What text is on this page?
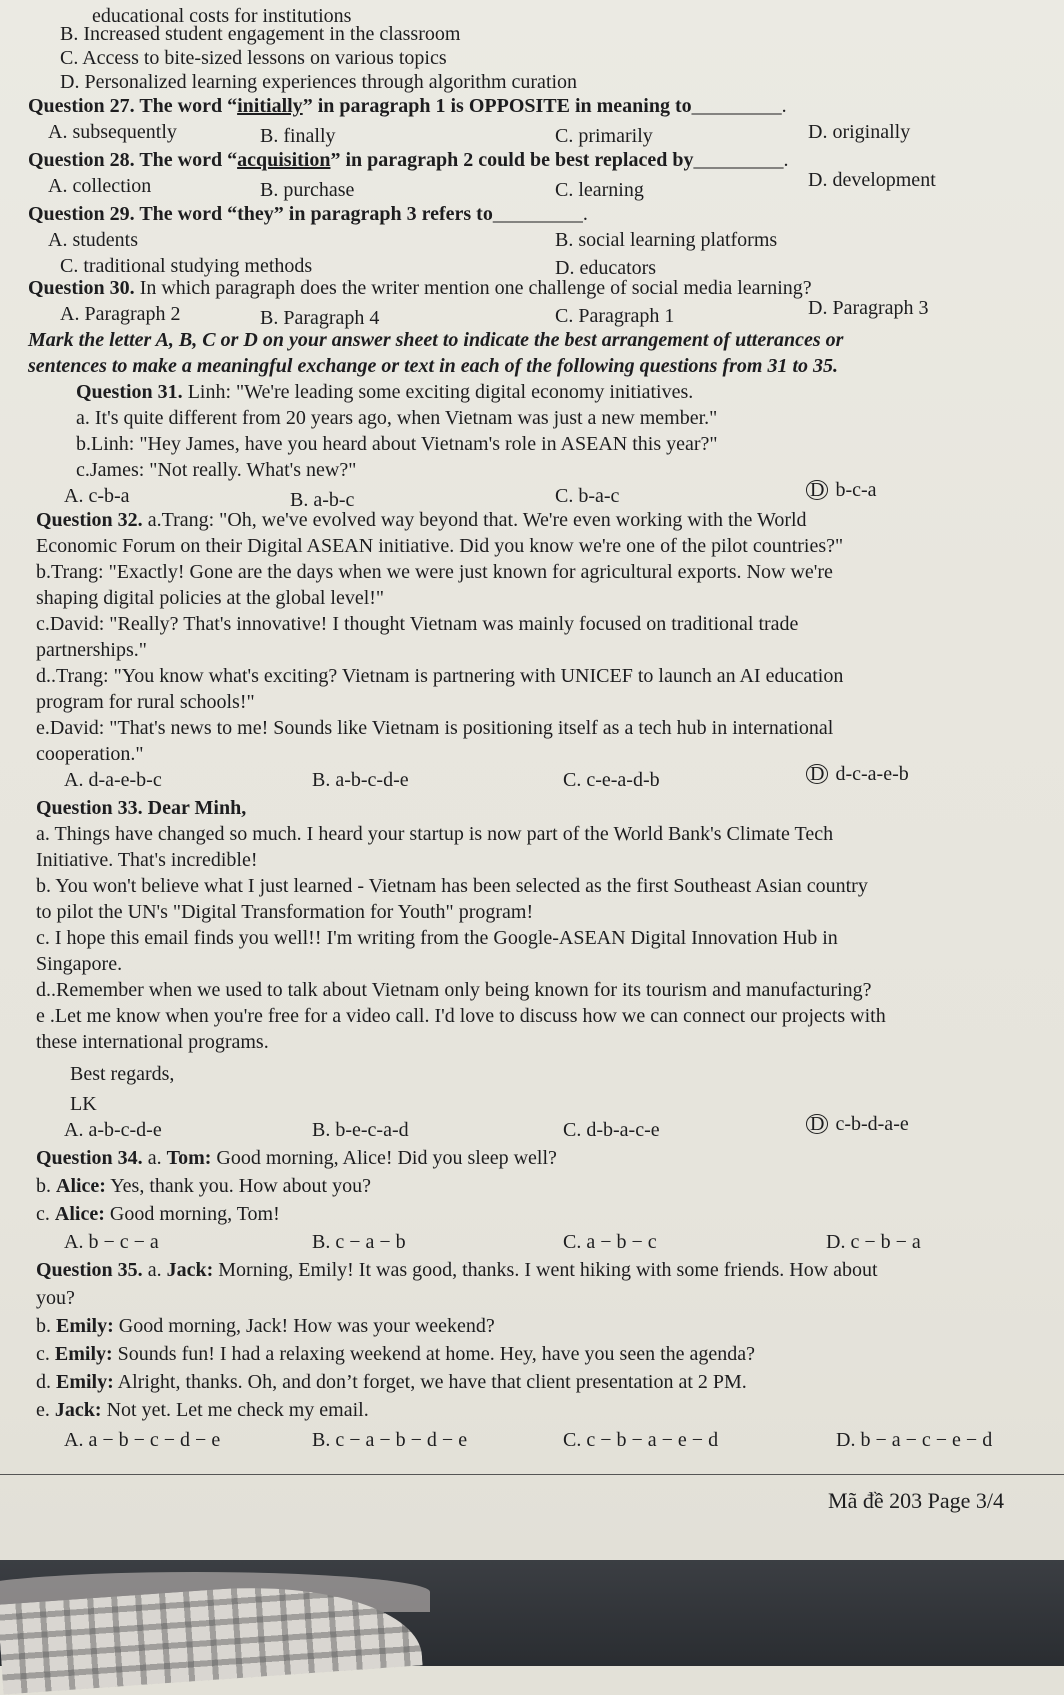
educational costs for institutions
B. Increased student engagement in the classroom
C. Access to bite-sized lessons on various topics
D. Personalized learning experiences through algorithm curation
Question 27. The word “initially” in paragraph 1 is OPPOSITE in meaning to_________.
A. subsequently	B. finally	C. primarily	D. originally
Question 28. The word “acquisition” in paragraph 2 could be best replaced by_________.
A. collection	B. purchase	C. learning	D. development
Question 29. The word “they” in paragraph 3 refers to_________.
A. students	B. social learning platforms
C. traditional studying methods	D. educators
Question 30. In which paragraph does the writer mention one challenge of social media learning?
A. Paragraph 2	B. Paragraph 4	C. Paragraph 1	D. Paragraph 3
Mark the letter A, B, C or D on your answer sheet to indicate the best arrangement of utterances or
sentences to make a meaningful exchange or text in each of the following questions from 31 to 35.
Question 31. Linh: "We're leading some exciting digital economy initiatives.
a. It's quite different from 20 years ago, when Vietnam was just a new member."
b.Linh: "Hey James, have you heard about Vietnam's role in ASEAN this year?"
c.James: "Not really. What's new?"
A. c-b-a	B. a-b-c	C. b-a-c	D b-c-a
Question 32. a.Trang: "Oh, we've evolved way beyond that. We're even working with the World
Economic Forum on their Digital ASEAN initiative. Did you know we're one of the pilot countries?"
b.Trang: "Exactly! Gone are the days when we were just known for agricultural exports. Now we're
shaping digital policies at the global level!"
c.David: "Really? That's innovative! I thought Vietnam was mainly focused on traditional trade
partnerships."
d..Trang: "You know what's exciting? Vietnam is partnering with UNICEF to launch an AI education
program for rural schools!"
e.David: "That's news to me! Sounds like Vietnam is positioning itself as a tech hub in international
cooperation."
A. d-a-e-b-c	B. a-b-c-d-e	C. c-e-a-d-b	D d-c-a-e-b
Question 33. Dear Minh,
a. Things have changed so much. I heard your startup is now part of the World Bank's Climate Tech
Initiative. That's incredible!
b. You won't believe what I just learned - Vietnam has been selected as the first Southeast Asian country
to pilot the UN's "Digital Transformation for Youth" program!
c. I hope this email finds you well!! I'm writing from the Google-ASEAN Digital Innovation Hub in
Singapore.
d..Remember when we used to talk about Vietnam only being known for its tourism and manufacturing?
e .Let me know when you're free for a video call. I'd love to discuss how we can connect our projects with
these international programs.
Best regards,
LK
A. a-b-c-d-e	B. b-e-c-a-d	C. d-b-a-c-e	D c-b-d-a-e
Question 34. a. Tom: Good morning, Alice! Did you sleep well?
b. Alice: Yes, thank you. How about you?
c. Alice: Good morning, Tom!
A. b − c − a	B. c − a − b	C. a − b − c	D. c − b − a
Question 35. a. Jack: Morning, Emily! It was good, thanks. I went hiking with some friends. How about
you?
b. Emily: Good morning, Jack! How was your weekend?
c. Emily: Sounds fun! I had a relaxing weekend at home. Hey, have you seen the agenda?
d. Emily: Alright, thanks. Oh, and don’t forget, we have that client presentation at 2 PM.
e. Jack: Not yet. Let me check my email.
A. a − b − c − d − e	B. c − a − b − d − e	C. c − b − a − e − d	D. b − a − c − e − d
Mã đề 203 Page 3/4
